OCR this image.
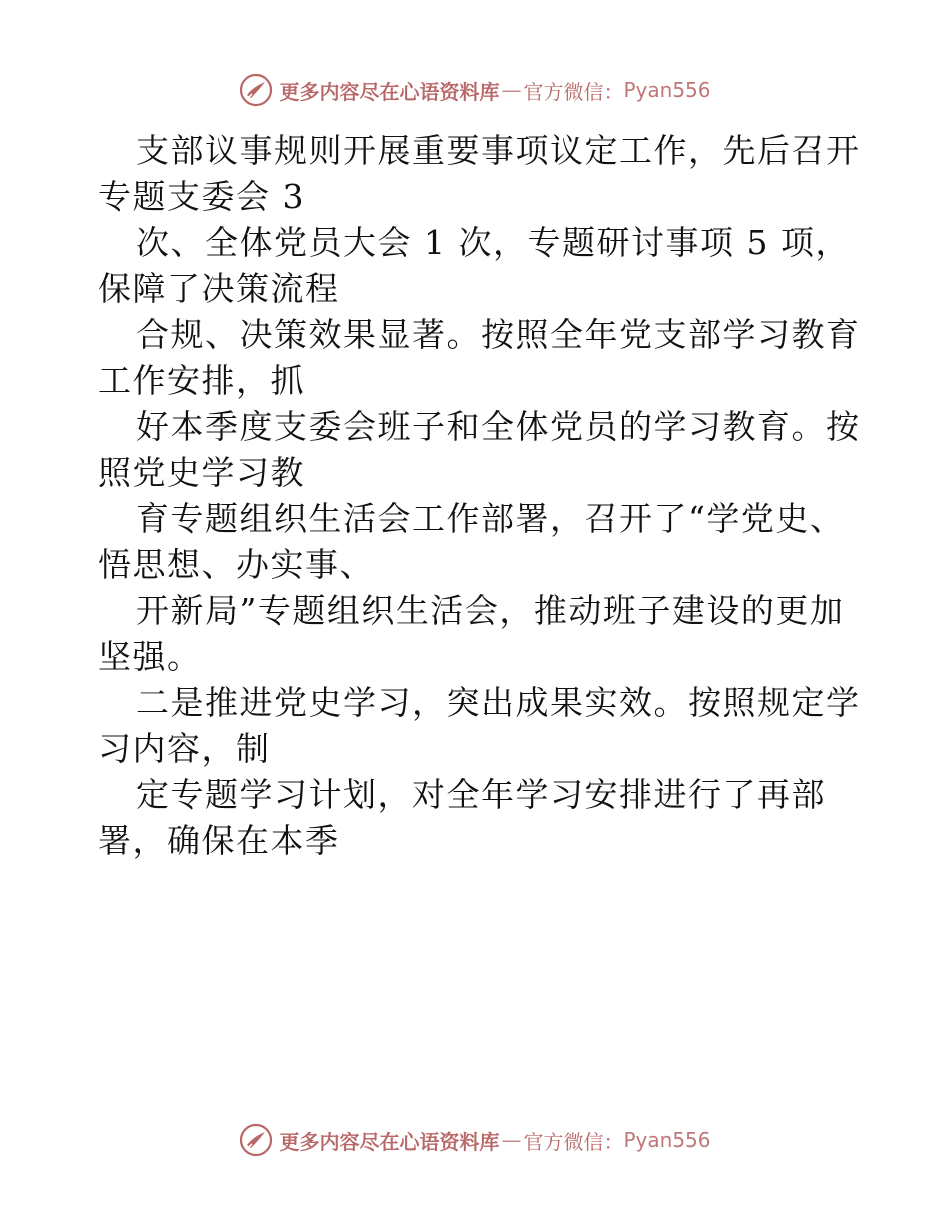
更多内容尽在心语资料库 — 官方微信： Pyan556
支部议事规则开展重要事项议定工作，先后召开
专题支委会 3
次、全体党员大会 1 次，专题研讨事项 5 项，
保障了决策流程
合规、决策效果显著。按照全年党支部学习教育
工作安排，抓
好本季度支委会班子和全体党员的学习教育。按
照党史学习教
育专题组织生活会工作部署，召开了“学党史、
悟思想、办实事、
开新局”专题组织生活会，推动班子建设的更加
坚强。
二是推进党史学习，突出成果实效。按照规定学
习内容，制
定专题学习计划，对全年学习安排进行了再部
署，确保在本季
更多内容尽在心语资料库 — 官方微信： Pyan556
